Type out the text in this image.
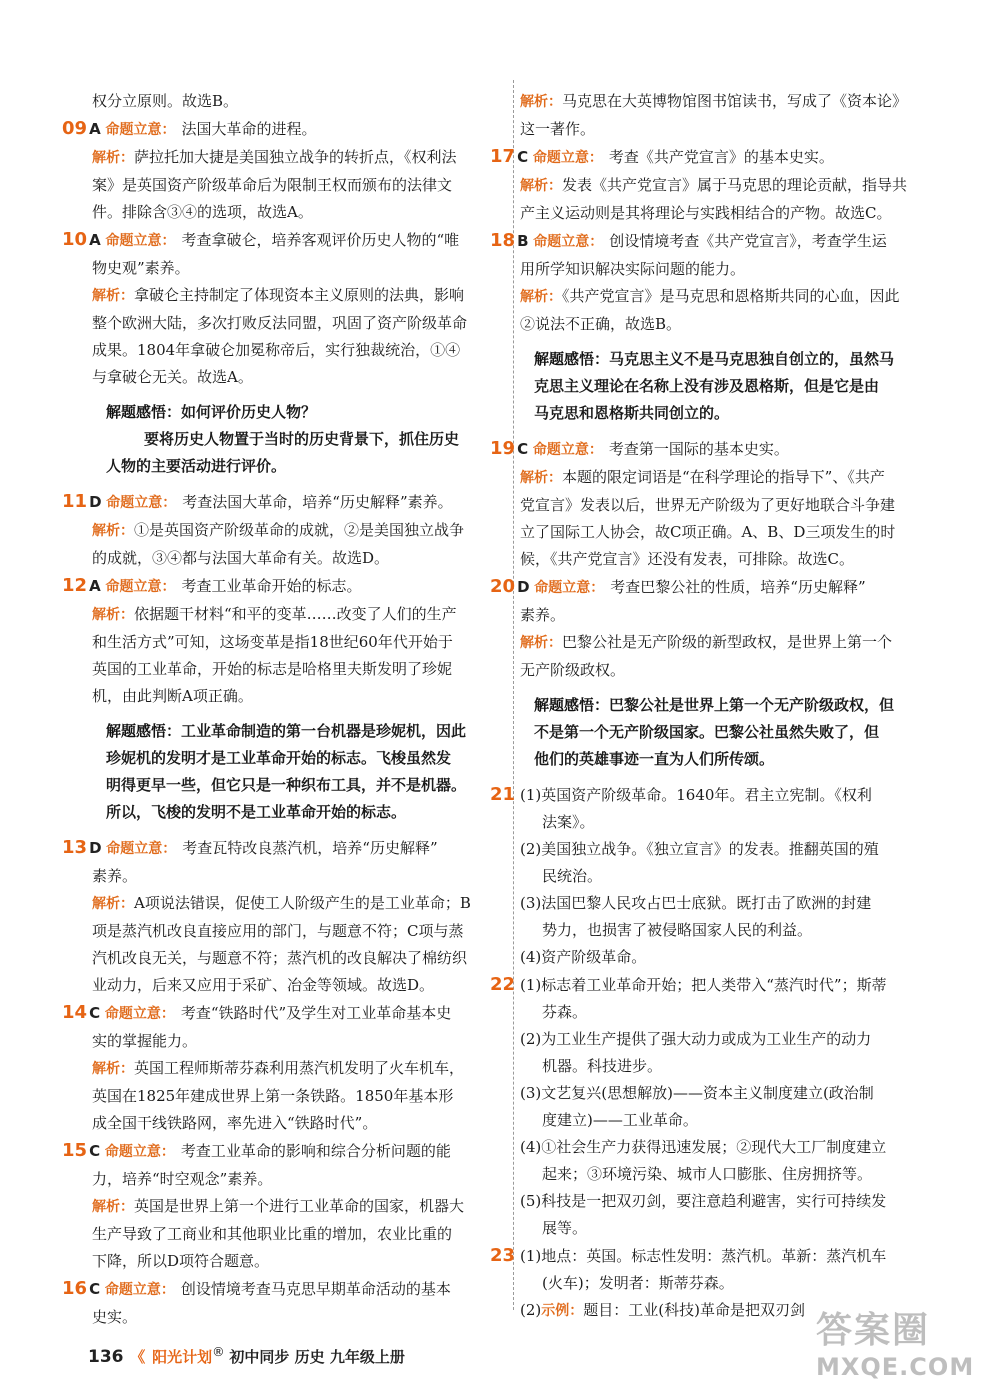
权分立原则。故选B。
09 A 命题立意： 法国大革命的进程。
解析：萨拉托加大捷是美国独立战争的转折点，《权利法
案》是英国资产阶级革命后为限制王权而颁布的法律文
件。排除含③④的选项，故选A。
10 A 命题立意： 考查拿破仑，培养客观评价历史人物的“唯
物史观”素养。
解析：拿破仑主持制定了体现资本主义原则的法典，影响
整个欧洲大陆，多次打败反法同盟，巩固了资产阶级革命
成果。1804年拿破仑加冕称帝后，实行独裁统治，①④
与拿破仑无关。故选A。
解题感悟：如何评价历史人物？
要将历史人物置于当时的历史背景下，抓住历史
人物的主要活动进行评价。
11 D 命题立意： 考查法国大革命，培养“历史解释”素养。
解析：①是英国资产阶级革命的成就，②是美国独立战争
的成就，③④都与法国大革命有关。故选D。
12 A 命题立意： 考查工业革命开始的标志。
解析：依据题干材料“和平的变革……改变了人们的生产
和生活方式”可知，这场变革是指18世纪60年代开始于
英国的工业革命，开始的标志是哈格里夫斯发明了珍妮
机，由此判断A项正确。
解题感悟：工业革命制造的第一台机器是珍妮机，因此
珍妮机的发明才是工业革命开始的标志。飞梭虽然发
明得更早一些，但它只是一种织布工具，并不是机器。
所以，飞梭的发明不是工业革命开始的标志。
13 D 命题立意： 考查瓦特改良蒸汽机，培养“历史解释”
素养。
解析：A项说法错误，促使工人阶级产生的是工业革命；B
项是蒸汽机改良直接应用的部门，与题意不符；C项与蒸
汽机改良无关，与题意不符；蒸汽机的改良解决了棉纺织
业动力，后来又应用于采矿、冶金等领域。故选D。
14 C 命题立意： 考查“铁路时代”及学生对工业革命基本史
实的掌握能力。
解析：英国工程师斯蒂芬森利用蒸汽机发明了火车机车，
英国在1825年建成世界上第一条铁路。1850年基本形
成全国干线铁路网，率先进入“铁路时代”。
15 C 命题立意： 考查工业革命的影响和综合分析问题的能
力，培养“时空观念”素养。
解析：英国是世界上第一个进行工业革命的国家，机器大
生产导致了工商业和其他职业比重的增加，农业比重的
下降，所以D项符合题意。
16 C 命题立意： 创设情境考查马克思早期革命活动的基本
史实。
解析：马克思在大英博物馆图书馆读书，写成了《资本论》
这一著作。
17 C 命题立意： 考查《共产党宣言》的基本史实。
解析：发表《共产党宣言》属于马克思的理论贡献，指导共
产主义运动则是其将理论与实践相结合的产物。故选C。
18 B 命题立意： 创设情境考查《共产党宣言》，考查学生运
用所学知识解决实际问题的能力。
解析：《共产党宣言》是马克思和恩格斯共同的心血，因此
②说法不正确，故选B。
解题感悟：马克思主义不是马克思独自创立的，虽然马
克思主义理论在名称上没有涉及恩格斯，但是它是由
马克思和恩格斯共同创立的。
19 C 命题立意： 考查第一国际的基本史实。
解析：本题的限定词语是“在科学理论的指导下”、《共产
党宣言》发表以后，世界无产阶级为了更好地联合斗争建
立了国际工人协会，故C项正确。A、B、D三项发生的时
候，《共产党宣言》还没有发表，可排除。故选C。
20 D 命题立意： 考查巴黎公社的性质，培养“历史解释”
素养。
解析：巴黎公社是无产阶级的新型政权，是世界上第一个
无产阶级政权。
解题感悟：巴黎公社是世界上第一个无产阶级政权，但
不是第一个无产阶级国家。巴黎公社虽然失败了，但
他们的英雄事迹一直为人们所传颂。
21 (1)英国资产阶级革命。1640年。君主立宪制。《权利
法案》。
(2)美国独立战争。《独立宣言》的发表。推翻英国的殖
民统治。
(3)法国巴黎人民攻占巴士底狱。既打击了欧洲的封建
势力，也损害了被侵略国家人民的利益。
(4)资产阶级革命。
22 (1)标志着工业革命开始；把人类带入“蒸汽时代”；斯蒂
芬森。
(2)为工业生产提供了强大动力或成为工业生产的动力
机器。科技进步。
(3)文艺复兴(思想解放)——资本主义制度建立(政治制
度建立)——工业革命。
(4)①社会生产力获得迅速发展；②现代大工厂制度建立
起来；③环境污染、城市人口膨胀、住房拥挤等。
(5)科技是一把双刃剑，要注意趋利避害，实行可持续发
展等。
23 (1)地点：英国。标志性发明：蒸汽机。革新：蒸汽机车
(火车)；发明者：斯蒂芬森。
(2)示例：题目：工业(科技)革命是把双刃剑
136 《 阳光计划® 初中同步 历史 九年级上册
答案圈
MXQE.COM
